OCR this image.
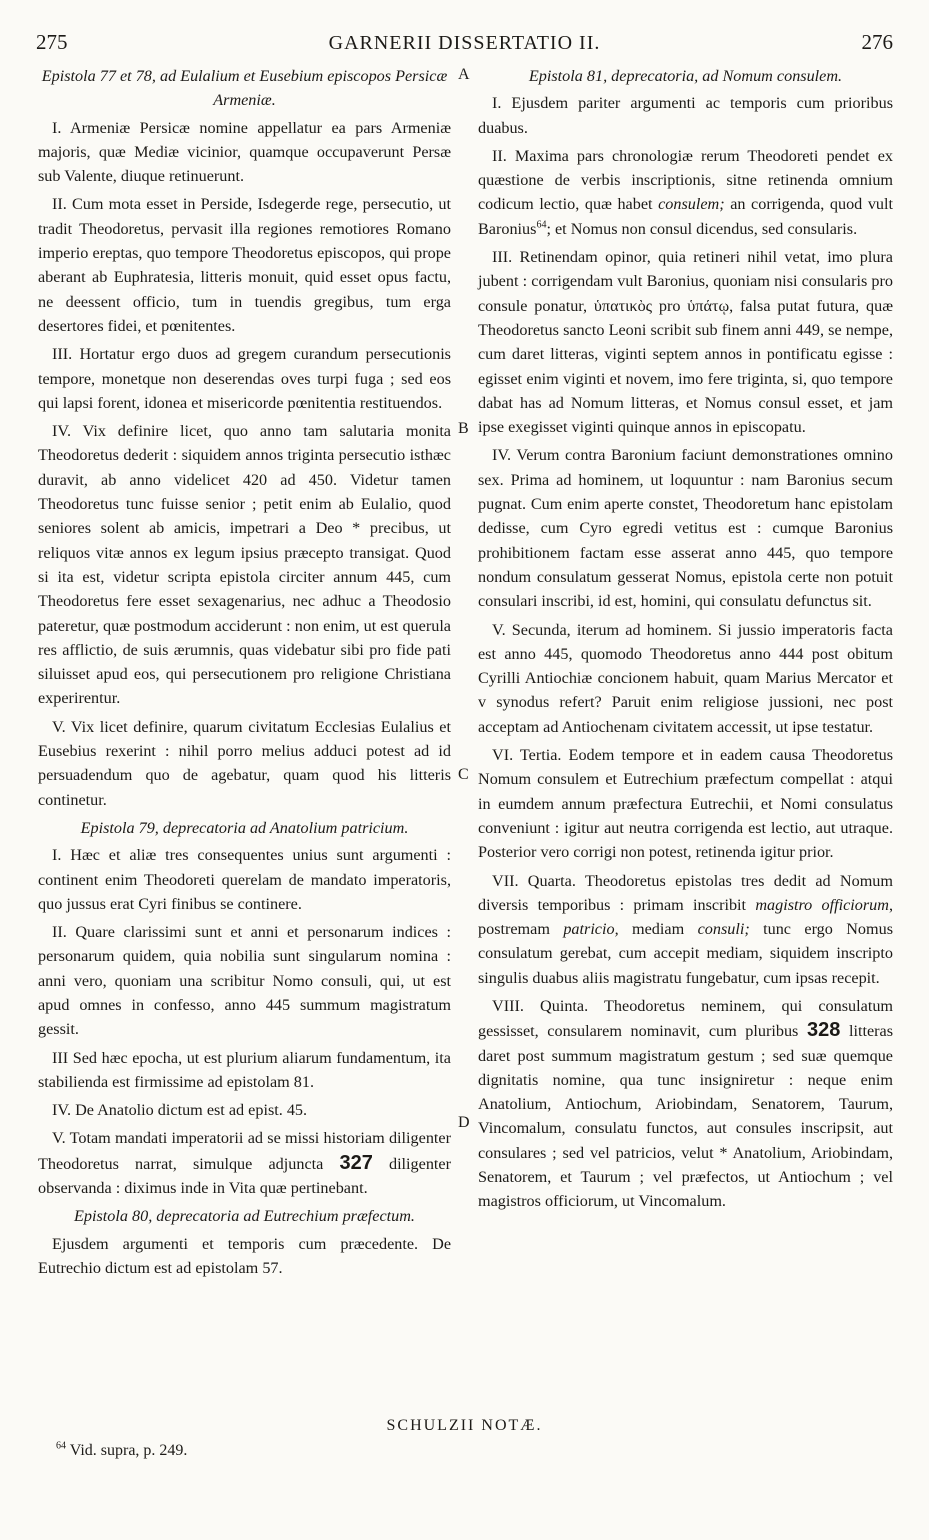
275	GARNERII DISSERTATIO II.	276
A
B
C
D

Epistola 77 et 78, ad Eulalium et Eusebium episcopos Persicæ Armeniæ.

I. Armeniæ Persicæ nomine appellatur ea pars Armeniæ majoris, quæ Mediæ vicinior, quamque occupaverunt Persæ sub Valente, diuque retinuerunt.

II. Cum mota esset in Perside, Isdegerde rege, persecutio, ut tradit Theodoretus, pervasit illa regiones remotiores Romano imperio ereptas, quo tempore Theodoretus episcopos, qui prope aberant ab Euphratesia, litteris monuit, quid esset opus factu, ne deessent officio, tum in tuendis gregibus, tum erga desertores fidei, et pœnitentes.

III. Hortatur ergo duos ad gregem curandum persecutionis tempore, monetque non deserendas oves turpi fuga ; sed eos qui lapsi forent, idonea et misericorde pœnitentia restituendos.

IV. Vix definire licet, quo anno tam salutaria monita Theodoretus dederit : siquidem annos triginta persecutio isthæc duravit, ab anno videlicet 420 ad 450. Videtur tamen Theodoretus tunc fuisse senior ; petit enim ab Eulalio, quod seniores solent ab amicis, impetrari a Deo * precibus, ut reliquos vitæ annos ex legum ipsius præcepto transigat. Quod si ita est, videtur scripta epistola circiter annum 445, cum Theodoretus fere esset sexagenarius, nec adhuc a Theodosio pateretur, quæ postmodum acciderunt : non enim, ut est querula res afflictio, de suis ærumnis, quas videbatur sibi pro fide pati siluisset apud eos, qui persecutionem pro religione Christiana experirentur.

V. Vix licet definire, quarum civitatum Ecclesias Eulalius et Eusebius rexerint : nihil porro melius adduci potest ad id persuadendum quo de agebatur, quam quod his litteris continetur.

Epistola 79, deprecatoria ad Anatolium patricium.

I. Hæc et aliæ tres consequentes unius sunt argumenti : continent enim Theodoreti querelam de mandato imperatoris, quo jussus erat Cyri finibus se continere.

II. Quare clarissimi sunt et anni et personarum indices : personarum quidem, quia nobilia sunt singularum nomina : anni vero, quoniam una scribitur Nomo consuli, qui, ut est apud omnes in confesso, anno 445 summum magistratum gessit.

III Sed hæc epocha, ut est plurium aliarum fundamentum, ita stabilienda est firmissime ad epistolam 81.

IV. De Anatolio dictum est ad epist. 45.

V. Totam mandati imperatorii ad se missi historiam diligenter Theodoretus narrat, simulque adjuncta 327 diligenter observanda : diximus inde in Vita quæ pertinebant.

Epistola 80, deprecatoria ad Eutrechium præfectum.

Ejusdem argumenti et temporis cum præcedente. De Eutrechio dictum est ad epistolam 57.

Epistola 81, deprecatoria, ad Nomum consulem.

I. Ejusdem pariter argumenti ac temporis cum prioribus duabus.

II. Maxima pars chronologiæ rerum Theodoreti pendet ex quæstione de verbis inscriptionis, sitne retinenda omnium codicum lectio, quæ habet consulem; an corrigenda, quod vult Baronius$^{64}$; et Nomus non consul dicendus, sed consularis.

III. Retinendam opinor, quia retineri nihil vetat, imo plura jubent : corrigendam vult Baronius, quoniam nisi consularis pro consule ponatur, ὑπατικὸς pro ὑπάτῳ, falsa putat futura, quæ Theodoretus sancto Leoni scribit sub finem anni 449, se nempe, cum daret litteras, viginti septem annos in pontificatu egisse : egisset enim viginti et novem, imo fere triginta, si, quo tempore dabat has ad Nomum litteras, et Nomus consul esset, et jam ipse exegisset viginti quinque annos in episcopatu.

IV. Verum contra Baronium faciunt demonstrationes omnino sex. Prima ad hominem, ut loquuntur : nam Baronius secum pugnat. Cum enim aperte constet, Theodoretum hanc epistolam dedisse, cum Cyro egredi vetitus est : cumque Baronius prohibitionem factam esse asserat anno 445, quo tempore nondum consulatum gesserat Nomus, epistola certe non potuit consulari inscribi, id est, homini, qui consulatu defunctus sit.

V. Secunda, iterum ad hominem. Si jussio imperatoris facta est anno 445, quomodo Theodoretus anno 444 post obitum Cyrilli Antiochiæ concionem habuit, quam Marius Mercator et v synodus refert? Paruit enim religiose jussioni, nec post acceptam ad Antiochenam civitatem accessit, ut ipse testatur.

VI. Tertia. Eodem tempore et in eadem causa Theodoretus Nomum consulem et Eutrechium præfectum compellat : atqui in eumdem annum præfectura Eutrechii, et Nomi consulatus conveniunt : igitur aut neutra corrigenda est lectio, aut utraque. Posterior vero corrigi non potest, retinenda igitur prior.

VII. Quarta. Theodoretus epistolas tres dedit ad Nomum diversis temporibus : primam inscribit magistro officiorum, postremam patricio, mediam consuli; tunc ergo Nomus consulatum gerebat, cum accepit mediam, siquidem inscripto singulis duabus aliis magistratu fungebatur, cum ipsas recepit.

VIII. Quinta. Theodoretus neminem, qui consulatum gessisset, consularem nominavit, cum pluribus 328 litteras daret post summum magistratum gestum ; sed suæ quemque dignitatis nomine, qua tunc insigniretur : neque enim Anatolium, Antiochum, Ariobindam, Senatorem, Taurum, Vincomalum, consulatu functos, aut consules inscripsit, aut consulares ; sed vel patricios, velut * Anatolium, Ariobindam, Senatorem, et Taurum ; vel præfectos, ut Antiochum ; vel magistros officiorum, ut Vincomalum.

SCHULZII NOTÆ.
$^{64}$ Vid. supra, p. 249.
